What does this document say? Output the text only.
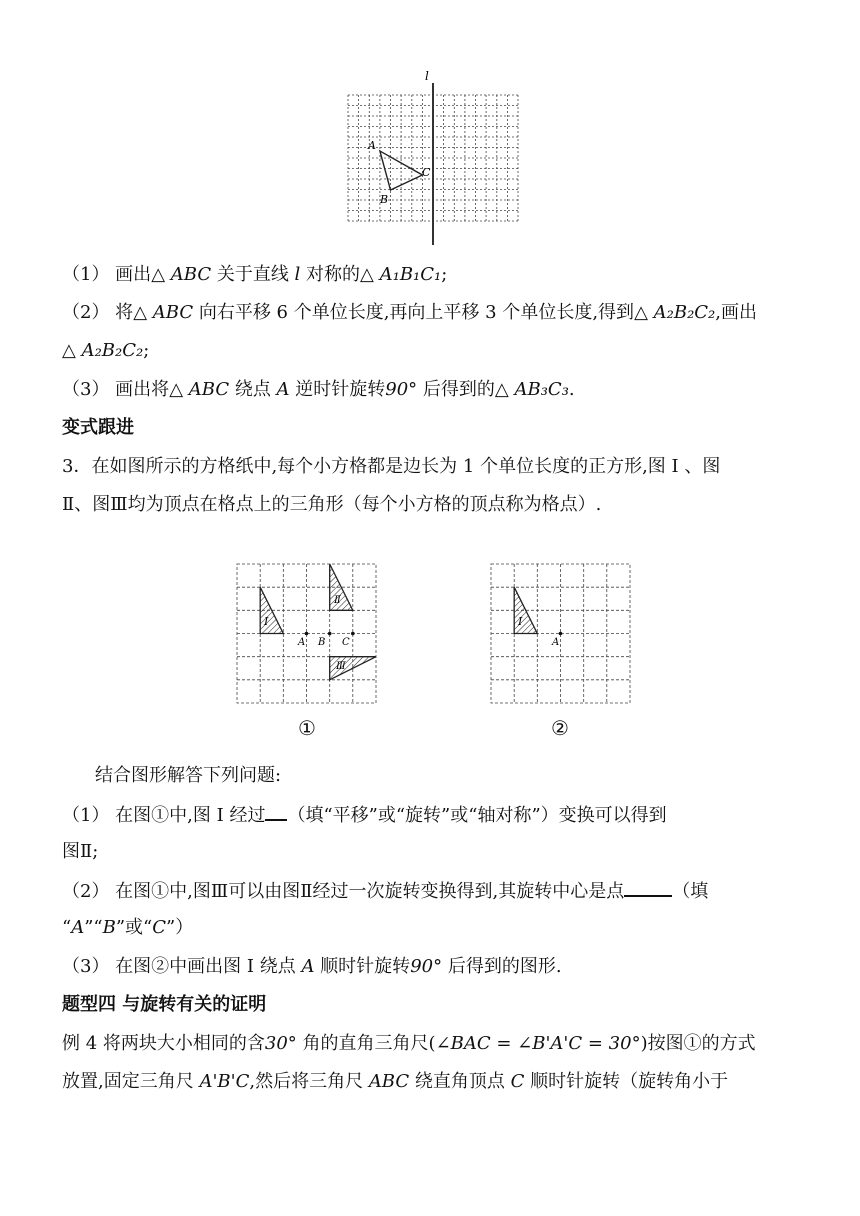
l
A
B
C
（1） 画出△ ABC 关于直线 l 对称的△ A₁B₁C₁;
（2） 将△ ABC 向右平移 6 个单位长度,再向上平移 3 个单位长度,得到△ A₂B₂C₂,画出
△ A₂B₂C₂;
（3） 画出将△ ABC 绕点 A 逆时针旋转90° 后得到的△ AB₃C₃.
变式跟进
3．在如图所示的方格纸中,每个小方格都是边长为 1 个单位长度的正方形,图 I 、图
Ⅱ、图Ⅲ均为顶点在格点上的三角形（每个小方格的顶点称为格点）.
I
Ⅱ
Ⅲ
A B C
①
I
A
②
结合图形解答下列问题:
（1） 在图①中,图 I 经过 （填“平移”或“旋转”或“轴对称”）变换可以得到
图Ⅱ;
（2） 在图①中,图Ⅲ可以由图Ⅱ经过一次旋转变换得到,其旋转中心是点	（填
“A”“B”或“C”）
（3） 在图②中画出图 I 绕点 A 顺时针旋转90° 后得到的图形.
题型四 与旋转有关的证明
例 4 将两块大小相同的含30° 角的直角三角尺(∠BAC = ∠B'A'C = 30°)按图①的方式
放置,固定三角尺 A'B'C,然后将三角尺 ABC 绕直角顶点 C 顺时针旋转（旋转角小于
